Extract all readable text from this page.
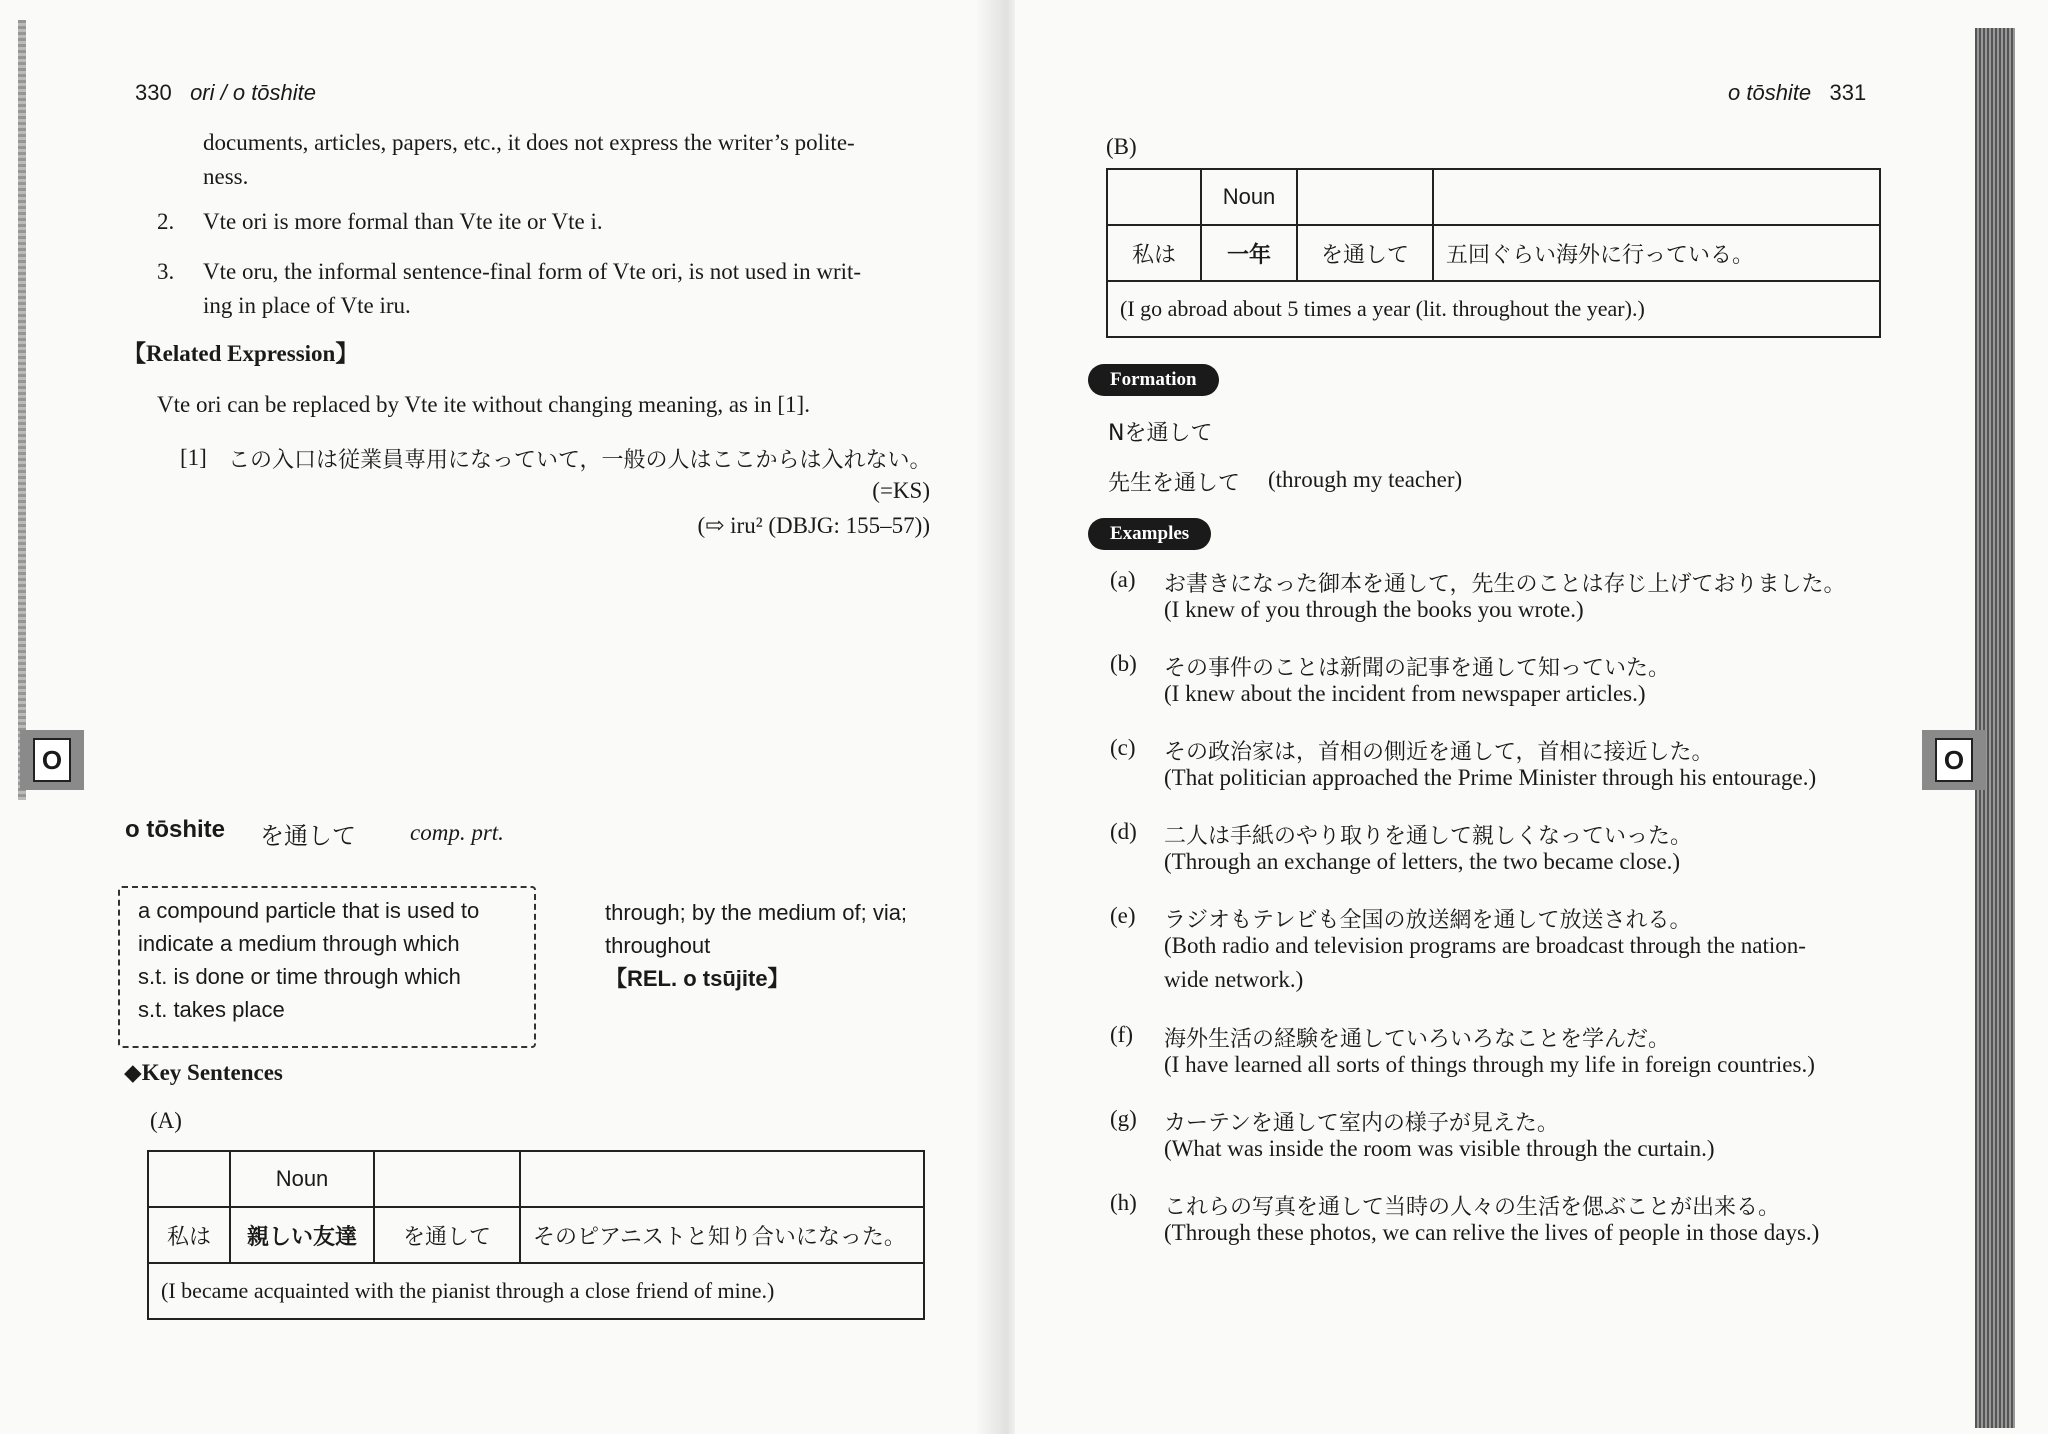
330 ori / o tōshite
documents, articles, papers, etc., it does not express the writer’s polite-
ness.
2. Vte ori is more formal than Vte ite or Vte i.
3. Vte oru, the informal sentence-final form of Vte ori, is not used in writ-
ing in place of Vte iru.
【Related Expression】
Vte ori can be replaced by Vte ite without changing meaning, as in [1].
[1] この入口は従業員専用になっていて，一般の人はここからは入れない。
(=KS)
(⇨ iru² (DBJG: 155–57))
O
o tōshite を通して comp. prt.
a compound particle that is used to
indicate a medium through which
s.t. is done or time through which
s.t. takes place
through; by the medium of; via;
throughout
【REL. o tsūjite】
◆Key Sentences
(A)
	Noun		
私は	親しい友達	を通して	そのピアニストと知り合いになった。
(I became acquainted with the pianist through a close friend of mine.)			
o tōshite 331
(B)
	Noun		
私は	一年	を通して	五回ぐらい海外に行っている。
(I go abroad about 5 times a year (lit. throughout the year).)			
Formation
Nを通して
先生を通して (through my teacher)
Examples
(a) お書きになった御本を通して，先生のことは存じ上げておりました。
(I knew of you through the books you wrote.)
(b) その事件のことは新聞の記事を通して知っていた。
(I knew about the incident from newspaper articles.)
(c) その政治家は，首相の側近を通して，首相に接近した。
(That politician approached the Prime Minister through his entourage.)
(d) 二人は手紙のやり取りを通して親しくなっていった。
(Through an exchange of letters, the two became close.)
(e) ラジオもテレビも全国の放送網を通して放送される。
(Both radio and television programs are broadcast through the nation-
wide network.)
(f) 海外生活の経験を通していろいろなことを学んだ。
(I have learned all sorts of things through my life in foreign countries.)
(g) カーテンを通して室内の様子が見えた。
(What was inside the room was visible through the curtain.)
(h) これらの写真を通して当時の人々の生活を偲ぶことが出来る。
(Through these photos, we can relive the lives of people in those days.)
O
